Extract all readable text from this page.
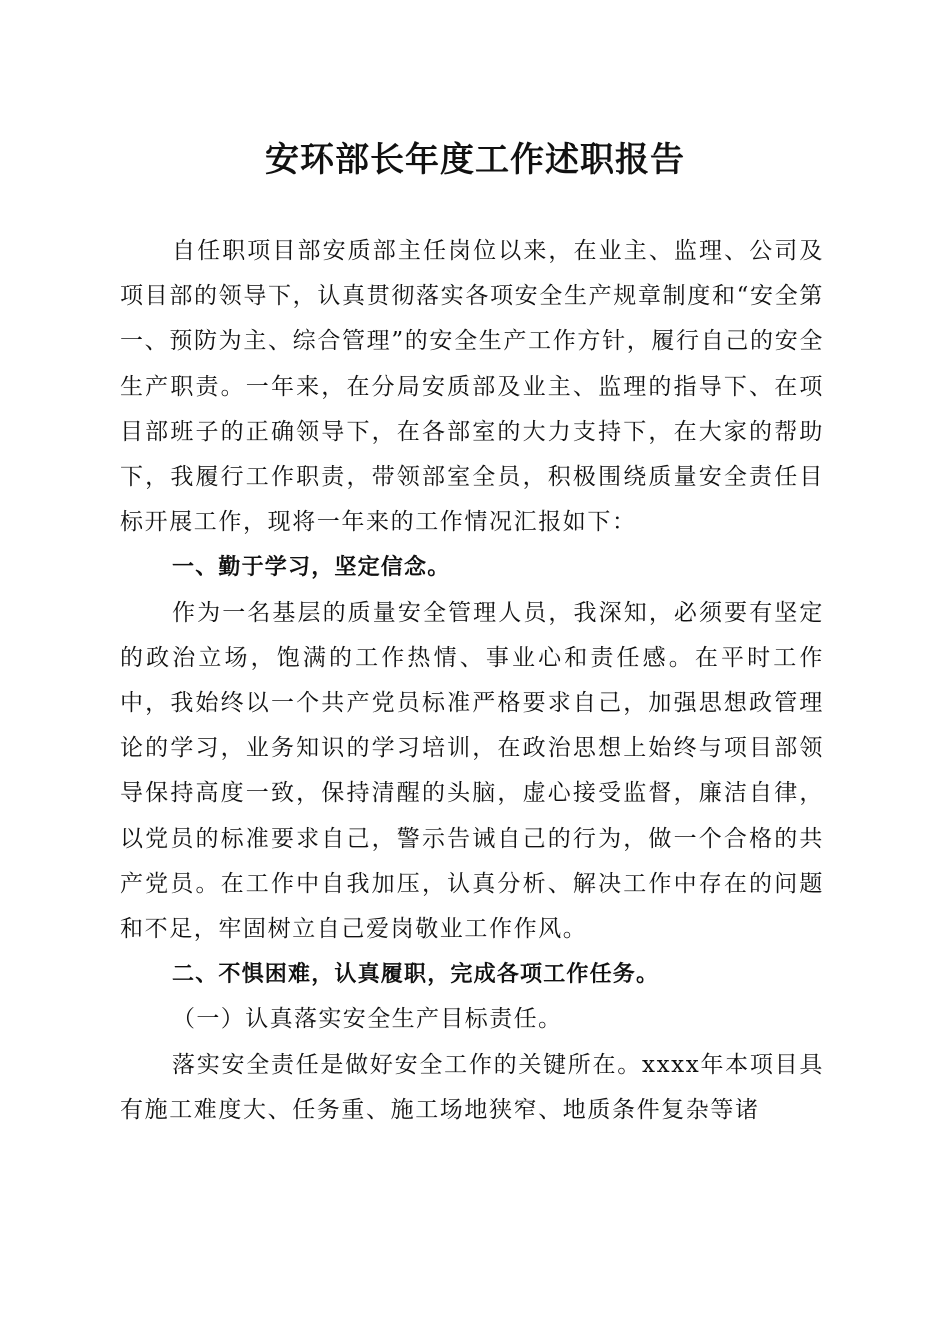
安环部长年度工作述职报告

自任职项目部安质部主任岗位以来，在业主、监理、公司及项目部的领导下，认真贯彻落实各项安全生产规章制度和“安全第一、预防为主、综合管理”的安全生产工作方针，履行自己的安全生产职责。一年来，在分局安质部及业主、监理的指导下、在项目部班子的正确领导下，在各部室的大力支持下，在大家的帮助下，我履行工作职责，带领部室全员，积极围绕质量安全责任目标开展工作，现将一年来的工作情况汇报如下：

一、勤于学习，坚定信念。

作为一名基层的质量安全管理人员，我深知，必须要有坚定的政治立场，饱满的工作热情、事业心和责任感。在平时工作中，我始终以一个共产党员标准严格要求自己，加强思想政管理论的学习，业务知识的学习培训，在政治思想上始终与项目部领导保持高度一致，保持清醒的头脑，虚心接受监督，廉洁自律，以党员的标准要求自己，警示告诫自己的行为，做一个合格的共产党员。在工作中自我加压，认真分析、解决工作中存在的问题和不足，牢固树立自己爱岗敬业工作作风。

二、不惧困难，认真履职，完成各项工作任务。

（一）认真落实安全生产目标责任。

落实安全责任是做好安全工作的关键所在。xxxx年本项目具有施工难度大、任务重、施工场地狭窄、地质条件复杂等诸
